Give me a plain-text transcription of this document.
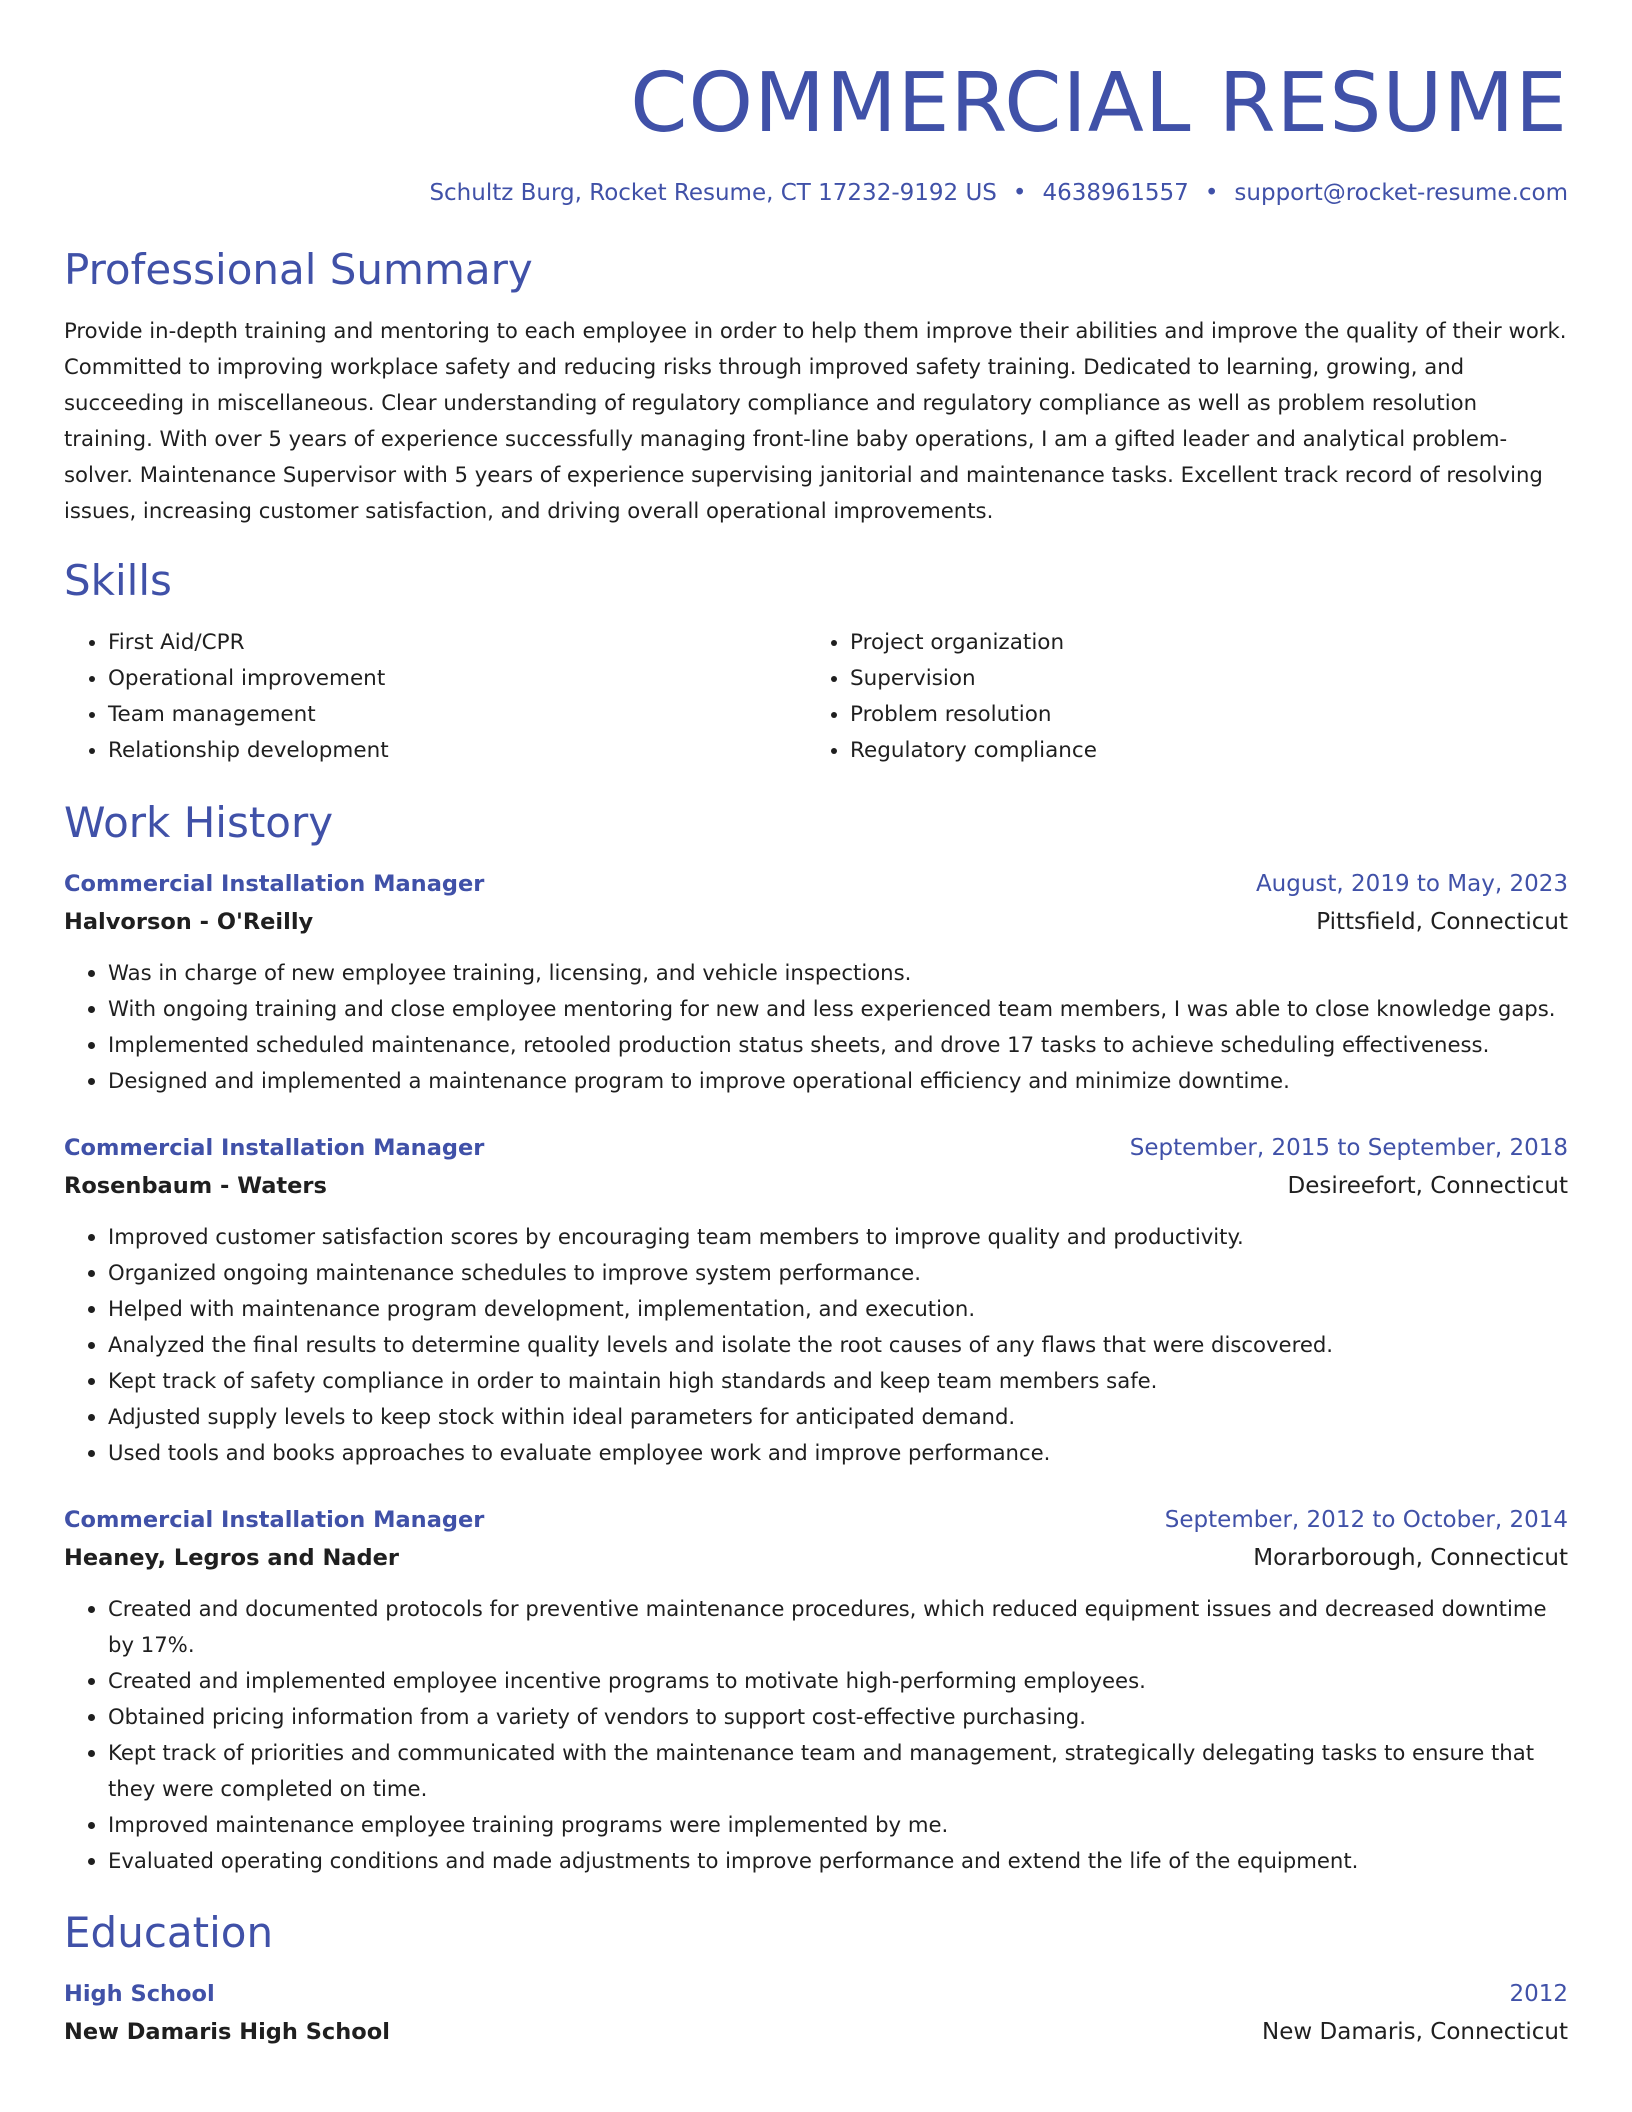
COMMERCIAL RESUME
Schultz Burg, Rocket Resume, CT 17232-9192 US • 4638961557 • support@rocket-resume.com
Professional Summary
Provide in-depth training and mentoring to each employee in order to help them improve their abilities and improve the quality of their work. Committed to improving workplace safety and reducing risks through improved safety training. Dedicated to learning, growing, and succeeding in miscellaneous. Clear understanding of regulatory compliance and regulatory compliance as well as problem resolution training. With over 5 years of experience successfully managing front-line baby operations, I am a gifted leader and analytical problem-solver. Maintenance Supervisor with 5 years of experience supervising janitorial and maintenance tasks. Excellent track record of resolving issues, increasing customer satisfaction, and driving overall operational improvements.
Skills
• First Aid/CPR
• Operational improvement
• Team management
• Relationship development
• Project organization
• Supervision
• Problem resolution
• Regulatory compliance
Work History
Commercial Installation Manager	August, 2019 to May, 2023
Halvorson - O'Reilly	Pittsfield, Connecticut
• Was in charge of new employee training, licensing, and vehicle inspections.
• With ongoing training and close employee mentoring for new and less experienced team members, I was able to close knowledge gaps.
• Implemented scheduled maintenance, retooled production status sheets, and drove 17 tasks to achieve scheduling effectiveness.
• Designed and implemented a maintenance program to improve operational efficiency and minimize downtime.
Commercial Installation Manager	September, 2015 to September, 2018
Rosenbaum - Waters	Desireefort, Connecticut
• Improved customer satisfaction scores by encouraging team members to improve quality and productivity.
• Organized ongoing maintenance schedules to improve system performance.
• Helped with maintenance program development, implementation, and execution.
• Analyzed the final results to determine quality levels and isolate the root causes of any flaws that were discovered.
• Kept track of safety compliance in order to maintain high standards and keep team members safe.
• Adjusted supply levels to keep stock within ideal parameters for anticipated demand.
• Used tools and books approaches to evaluate employee work and improve performance.
Commercial Installation Manager	September, 2012 to October, 2014
Heaney, Legros and Nader	Morarborough, Connecticut
• Created and documented protocols for preventive maintenance procedures, which reduced equipment issues and decreased downtime by 17%.
• Created and implemented employee incentive programs to motivate high-performing employees.
• Obtained pricing information from a variety of vendors to support cost-effective purchasing.
• Kept track of priorities and communicated with the maintenance team and management, strategically delegating tasks to ensure that they were completed on time.
• Improved maintenance employee training programs were implemented by me.
• Evaluated operating conditions and made adjustments to improve performance and extend the life of the equipment.
Education
High School	2012
New Damaris High School	New Damaris, Connecticut
